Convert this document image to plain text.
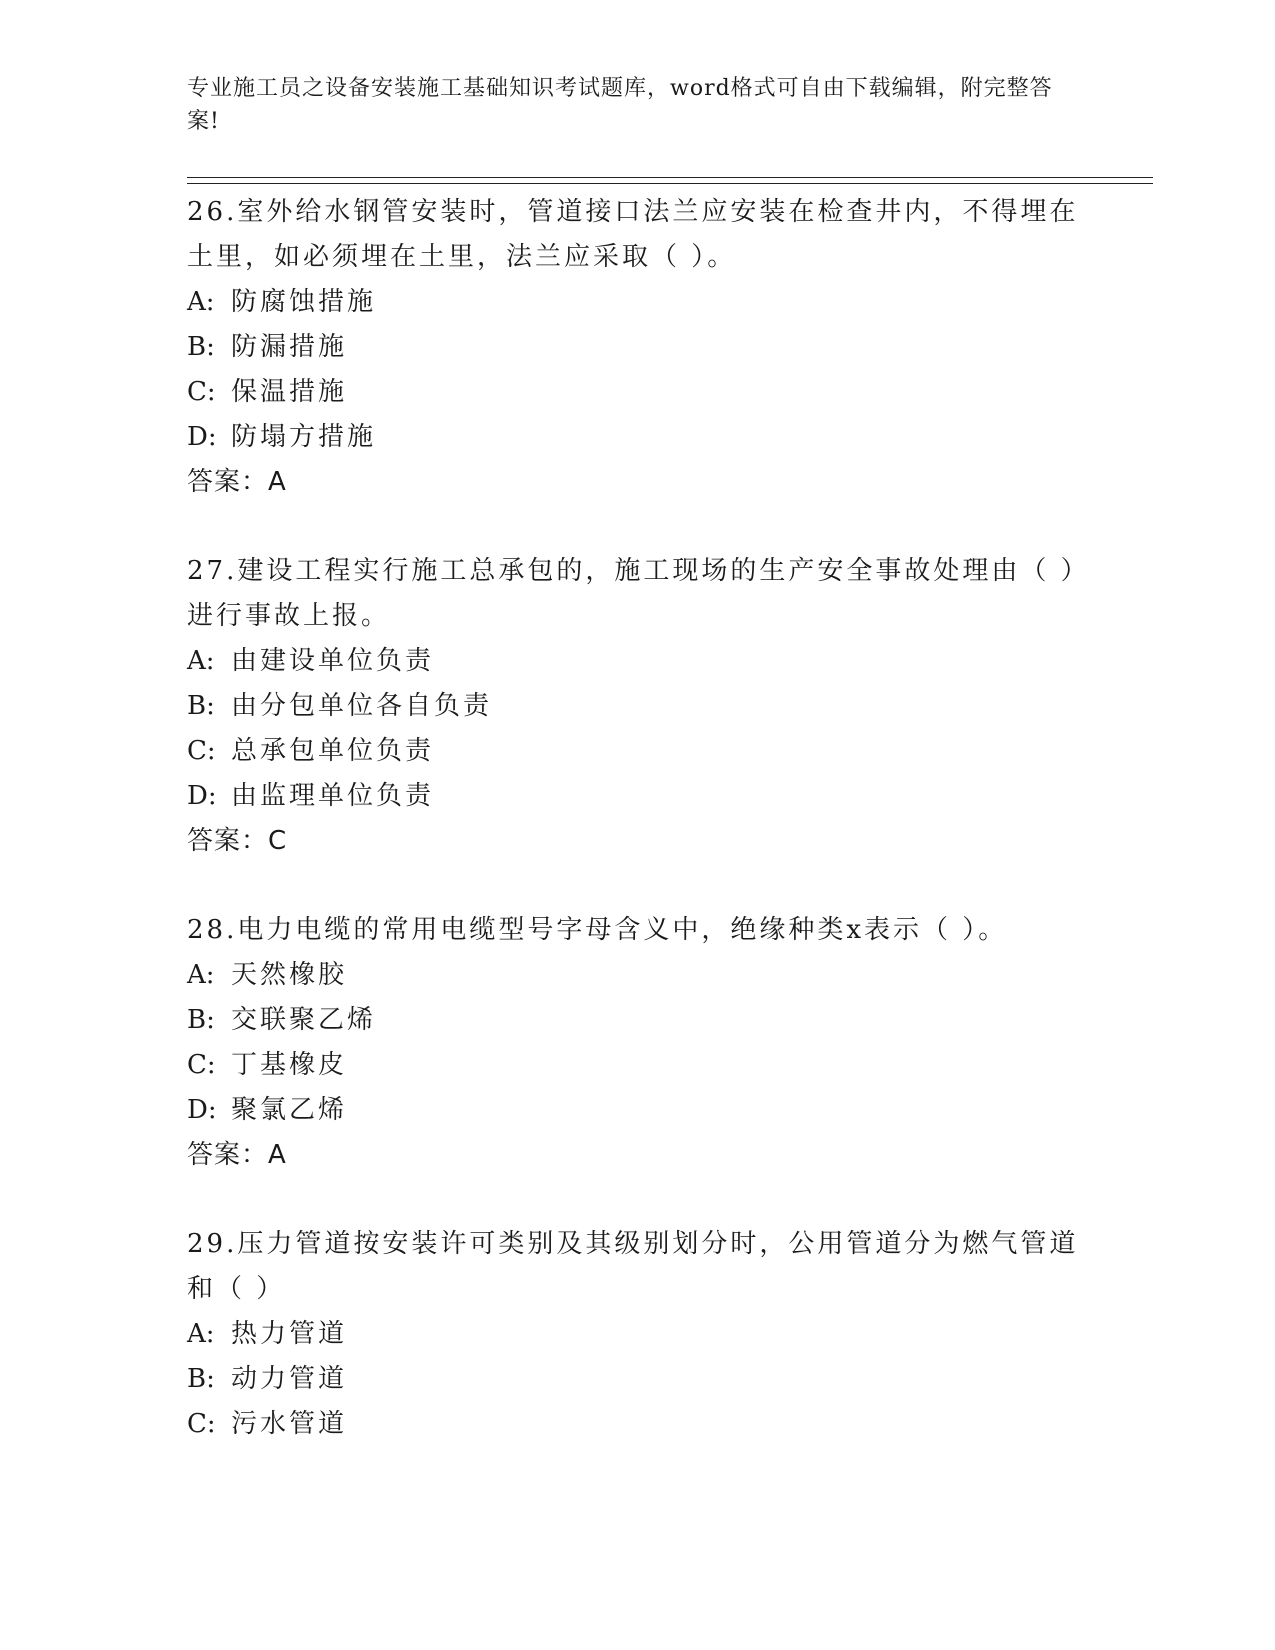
专业施工员之设备安装施工基础知识考试题库，word格式可自由下载编辑，附完整答案!
26.室外给水钢管安装时，管道接口法兰应安装在检查井内，不得埋在土里，如必须埋在土里，法兰应采取（ ）。
A: 防腐蚀措施
B: 防漏措施
C: 保温措施
D: 防塌方措施
答案：A
27.建设工程实行施工总承包的，施工现场的生产安全事故处理由（ ）进行事故上报。
A: 由建设单位负责
B: 由分包单位各自负责
C: 总承包单位负责
D: 由监理单位负责
答案：C
28.电力电缆的常用电缆型号字母含义中，绝缘种类x表示（ ）。
A: 天然橡胶
B: 交联聚乙烯
C: 丁基橡皮
D: 聚氯乙烯
答案：A
29.压力管道按安装许可类别及其级别划分时，公用管道分为燃气管道和（ ）
A: 热力管道
B: 动力管道
C: 污水管道
